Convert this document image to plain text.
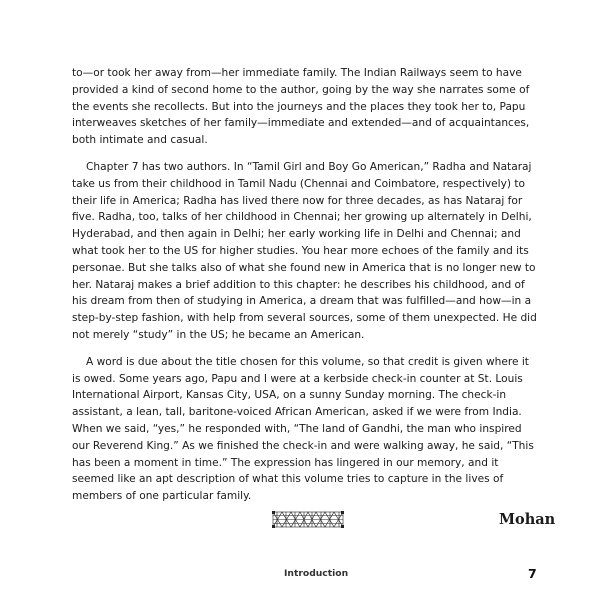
to—or took her away from—her immediate family. The Indian Railways seem to have provided a kind of second home to the author, going by the way she narrates some of the events she recollects. But into the journeys and the places they took her to, Papu interweaves sketches of her family—immediate and extended—and of acquaintances, both intimate and casual.

Chapter 7 has two authors. In “Tamil Girl and Boy Go American,” Radha and Nataraj take us from their childhood in Tamil Nadu (Chennai and Coimbatore, respectively) to their life in America; Radha has lived there now for three decades, as has Nataraj for five. Radha, too, talks of her childhood in Chennai; her growing up alternately in Delhi, Hyderabad, and then again in Delhi; her early working life in Delhi and Chennai; and what took her to the US for higher studies. You hear more echoes of the family and its personae. But she talks also of what she found new in America that is no longer new to her. Nataraj makes a brief addition to this chapter: he describes his childhood, and of his dream from then of studying in America, a dream that was fulfilled—and how—in a step-by-step fashion, with help from several sources, some of them unexpected. He did not merely “study” in the US; he became an American.

A word is due about the title chosen for this volume, so that credit is given where it is owed. Some years ago, Papu and I were at a kerbside check-in counter at St. Louis International Airport, Kansas City, USA, on a sunny Sunday morning. The check-in assistant, a lean, tall, baritone-voiced African American, asked if we were from India. When we said, “yes,” he responded with, “The land of Gandhi, the man who inspired our Reverend King.” As we finished the check-in and were walking away, he said, “This has been a moment in time.” The expression has lingered in our memory, and it seemed like an apt description of what this volume tries to capture in the lives of members of one particular family.

Mohan
Introduction	7
